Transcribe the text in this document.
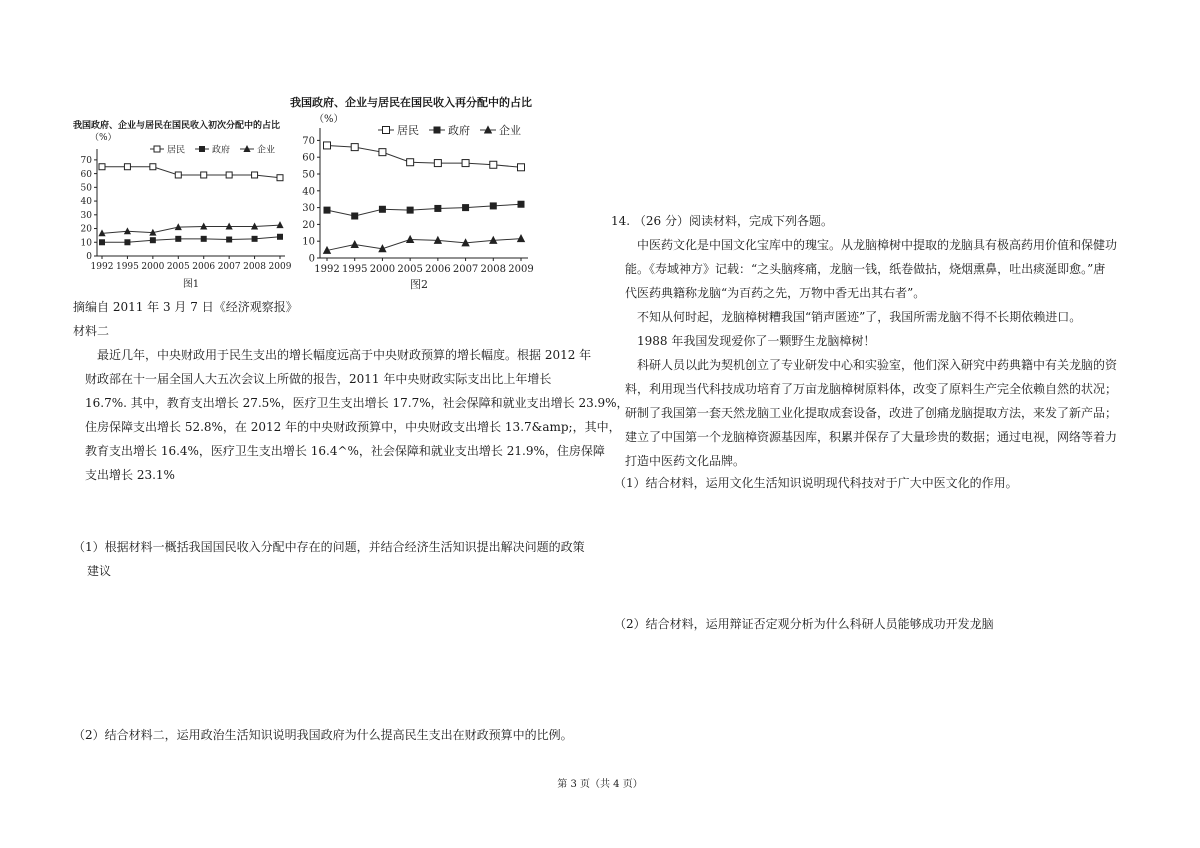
我国政府、企业与居民在国民收入再分配中的占比
我国政府、企业与居民在国民收入初次分配中的占比
（%）
0
10
20
30
40
50
60
70
1992 1995 2000 2005 2006 2007 2008 2009
居民	政府	企业
图1
（%）
0
10
20
30
40
50
60
70
1992 1995 2000 2005 2006 2007 2008 2009
居民	政府	企业
图2
摘编自 2011 年 3 月 7 日《经济观察报》
材料二
最近几年，中央财政用于民生支出的增长幅度远高于中央财政预算的增长幅度。根据 2012 年
财政部在十一届全国人大五次会议上所做的报告，2011 年中央财政实际支出比上年增长
16.7%. 其中，教育支出增长 27.5%，医疗卫生支出增长 17.7%，社会保障和就业支出增长 23.9%，
住房保障支出增长 52.8%，在 2012 年的中央财政预算中，中央财政支出增长 13.7&amp;，其中，
教育支出增长 16.4%，医疗卫生支出增长 16.4^%，社会保障和就业支出增长 21.9%，住房保障
支出增长 23.1%
（1）根据材料一概括我国国民收入分配中存在的问题，并结合经济生活知识提出解决问题的政策
建议
（2）结合材料二，运用政治生活知识说明我国政府为什么提高民生支出在财政预算中的比例。
14. （26 分）阅读材料，完成下列各题。
中医药文化是中国文化宝库中的瑰宝。从龙脑樟树中提取的龙脑具有极高药用价值和保健功
能。《寿域神方》记载：“之头脑疼痛，龙脑一钱，纸卷做拈，烧烟熏鼻，吐出痰涎即愈。”唐
代医药典籍称龙脑“为百药之先，万物中香无出其右者”。
不知从何时起，龙脑樟树糟我国“销声匿迹”了，我国所需龙脑不得不长期依赖进口。
1988 年我国发现爱你了一颗野生龙脑樟树！
科研人员以此为契机创立了专业研发中心和实验室，他们深入研究中药典籍中有关龙脑的资
料，利用现当代科技成功培育了万亩龙脑樟树原料体，改变了原料生产完全依赖自然的状况；
研制了我国第一套天然龙脑工业化提取成套设备，改进了创痛龙脑提取方法，来发了新产品；
建立了中国第一个龙脑樟资源基因库，积累并保存了大量珍贵的数据；通过电视，网络等着力
打造中医药文化品牌。
（1）结合材料，运用文化生活知识说明现代科技对于广大中医文化的作用。
（2）结合材料，运用辩证否定观分析为什么科研人员能够成功开发龙脑
第 3 页（共 4 页）
